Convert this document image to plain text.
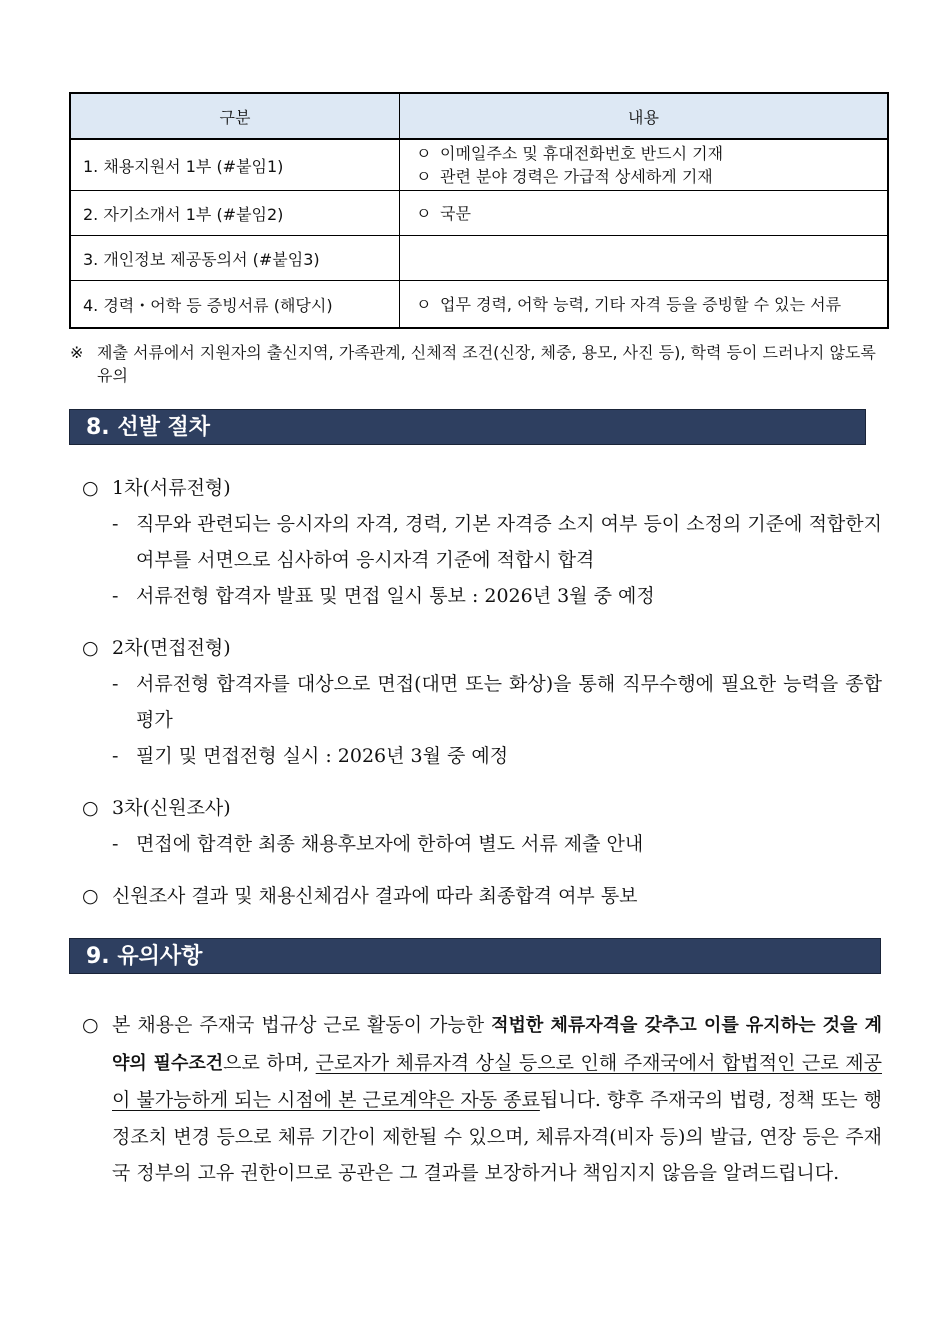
구분	내용
1. 채용지원서 1부 (#붙임1)	ㅇ 이메일주소 및 휴대전화번호 반드시 기재
ㅇ 관련 분야 경력은 가급적 상세하게 기재

2. 자기소개서 1부 (#붙임2)	ㅇ 국문

3. 개인정보 제공동의서 (#붙임3)	
4. 경력・어학 등 증빙서류 (해당시)	ㅇ 업무 경력, 어학 능력, 기타 자격 등을 증빙할 수 있는 서류
※ 제출 서류에서 지원자의 출신지역, 가족관계, 신체적 조건(신장, 체중, 용모, 사진 등), 학력 등이 드러나지 않도록 유의
8. 선발 절차
○ 1차(서류전형)
- 직무와 관련되는 응시자의 자격, 경력, 기본 자격증 소지 여부 등이 소정의 기준에 적합한지 여부를 서면으로 심사하여 응시자격 기준에 적합시 합격
- 서류전형 합격자 발표 및 면접 일시 통보 : 2026년 3월 중 예정
○ 2차(면접전형)
- 서류전형 합격자를 대상으로 면접(대면 또는 화상)을 통해 직무수행에 필요한 능력을 종합평가
- 필기 및 면접전형 실시 : 2026년 3월 중 예정
○ 3차(신원조사)
- 면접에 합격한 최종 채용후보자에 한하여 별도 서류 제출 안내
○ 신원조사 결과 및 채용신체검사 결과에 따라 최종합격 여부 통보
9. 유의사항
○ 본 채용은 주재국 법규상 근로 활동이 가능한 적법한 체류자격을 갖추고 이를 유지하는 것을 계약의 필수조건으로 하며, 근로자가 체류자격 상실 등으로 인해 주재국에서 합법적인 근로 제공이 불가능하게 되는 시점에 본 근로계약은 자동 종료됩니다. 향후 주재국의 법령, 정책 또는 행정조치 변경 등으로 체류 기간이 제한될 수 있으며, 체류자격(비자 등)의 발급, 연장 등은 주재국 정부의 고유 권한이므로 공관은 그 결과를 보장하거나 책임지지 않음을 알려드립니다.
